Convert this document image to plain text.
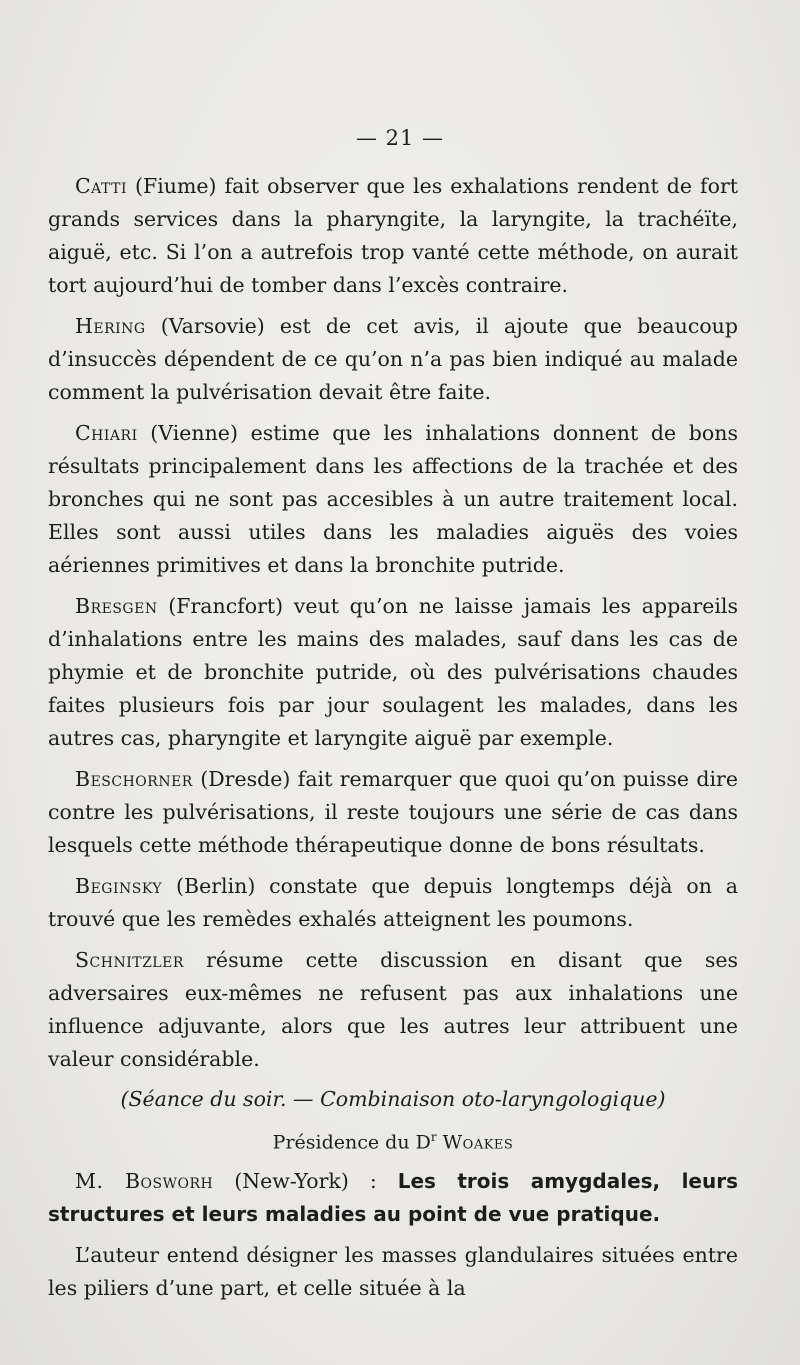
— 21 —

Catti (Fiume) fait observer que les exhalations rendent de fort grands services dans la pharyngite, la laryngite, la trachéïte, aiguë, etc. Si l’on a autrefois trop vanté cette méthode, on aurait tort aujourd’hui de tomber dans l’excès contraire.

Hering (Varsovie) est de cet avis, il ajoute que beaucoup d’insuccès dépendent de ce qu’on n’a pas bien indiqué au malade comment la pulvérisation devait être faite.

Chiari (Vienne) estime que les inhalations donnent de bons résultats principalement dans les affections de la trachée et des bronches qui ne sont pas accesibles à un autre traitement local. Elles sont aussi utiles dans les maladies aiguës des voies aériennes primitives et dans la bronchite putride.

Bresgen (Francfort) veut qu’on ne laisse jamais les appareils d’inhalations entre les mains des malades, sauf dans les cas de phymie et de bronchite putride, où des pulvérisations chaudes faites plusieurs fois par jour soulagent les malades, dans les autres cas, pharyngite et laryngite aiguë par exemple.

Beschorner (Dresde) fait remarquer que quoi qu’on puisse dire contre les pulvérisations, il reste toujours une série de cas dans lesquels cette méthode thérapeutique donne de bons résultats.

Beginsky (Berlin) constate que depuis longtemps déjà on a trouvé que les remèdes exhalés atteignent les poumons.

Schnitzler résume cette discussion en disant que ses adversaires eux-mêmes ne refusent pas aux inhalations une influence adjuvante, alors que les autres leur attribuent une valeur considérable.

(Séance du soir. — Combinaison oto-laryngologique)

Présidence du $D^r$ Woakes

M. Bosworh (New-York) : Les trois amygdales, leurs structures et leurs maladies au point de vue pratique.

L’auteur entend désigner les masses glandulaires situées entre les piliers d’une part, et celle située à la
